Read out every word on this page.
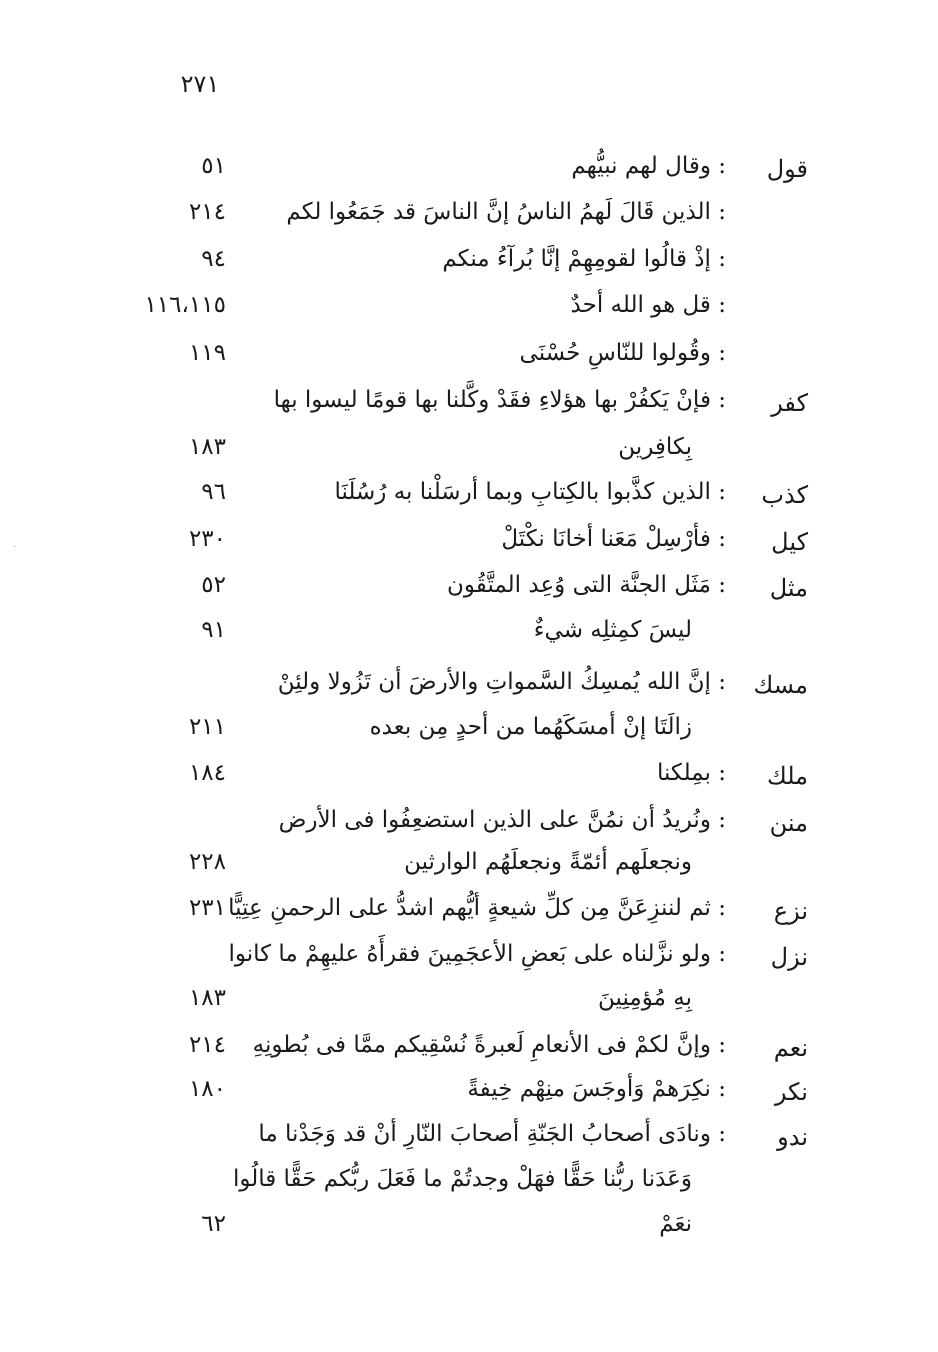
٢٧١
قول
: وقال لهم نبيُّهم
٥١
: الذين قَالَ لَهمُ الناسُ إنَّ الناسَ قد جَمَعُوا لكم
٢١٤
: إذْ قالُوا لقومِهِمْ إنَّا بُرآءُ منكم
٩٤
: قل هو الله أحدٌ
١١٦،١١٥
: وقُولوا للنّاسِ حُسْنَى
١١٩
كفر
: فإنْ يَكفُرْ بها هؤلاءِ فقَدْ وكَّلنا بها قومًا ليسوا بها
بِكافِرين
١٨٣
كذب
: الذين كذَّبوا بالكِتابِ وبما أرسَلْنا به رُسُلَنَا
٩٦
كيل
: فأرْسِلْ مَعَنا أخانَا نكْتَلْ
٢٣٠
مثل
: مَثَل الجنَّة التى وُعِد المتَّقُون
٥٢
ليسَ كمِثلِه شيءٌ
٩١
مسك
: إنَّ الله يُمسِكُ السَّمواتِ والأرضَ أن تَزُولا ولئِنْ
زالَتَا إنْ أمسَكَهُما من أحدٍ مِن بعده
٢١١
ملك
: بمِلكنا
١٨٤
منن
: ونُريدُ أن نمُنَّ على الذين استضعِفُوا فى الأرض
ونجعلَهم أئمّةً ونجعلَهُم الوارثين
٢٢٨
نزع
: ثم لننزِعَنَّ مِن كلِّ شيعةٍ أيُّهم اشدُّ على الرحمنِ عِتِيًّا
٢٣١
نزل
: ولو نزَّلناه على بَعضِ الأعجَمِينَ فقرأَهُ عليهِمْ ما كانوا
بِهِ مُؤمِنِينَ
١٨٣
نعم
: وإنَّ لكمْ فى الأنعامِ لَعبرةً نُسْقِيكم ممَّا فى بُطونِهِ
٢١٤
نكر
: نكِرَهمْ وَأوجَسَ منِهْم خِيفةً
١٨٠
ندو
: ونادَى أصحابُ الجَنّةِ أصحابَ النّارِ أنْ قد وَجَدْنا ما
وَعَدَنا ربُّنا حَقًّا فهَلْ وجدتُمْ ما فَعَلَ ربُّكم حَقًّا قالُوا
نعَمْ
٦٢
